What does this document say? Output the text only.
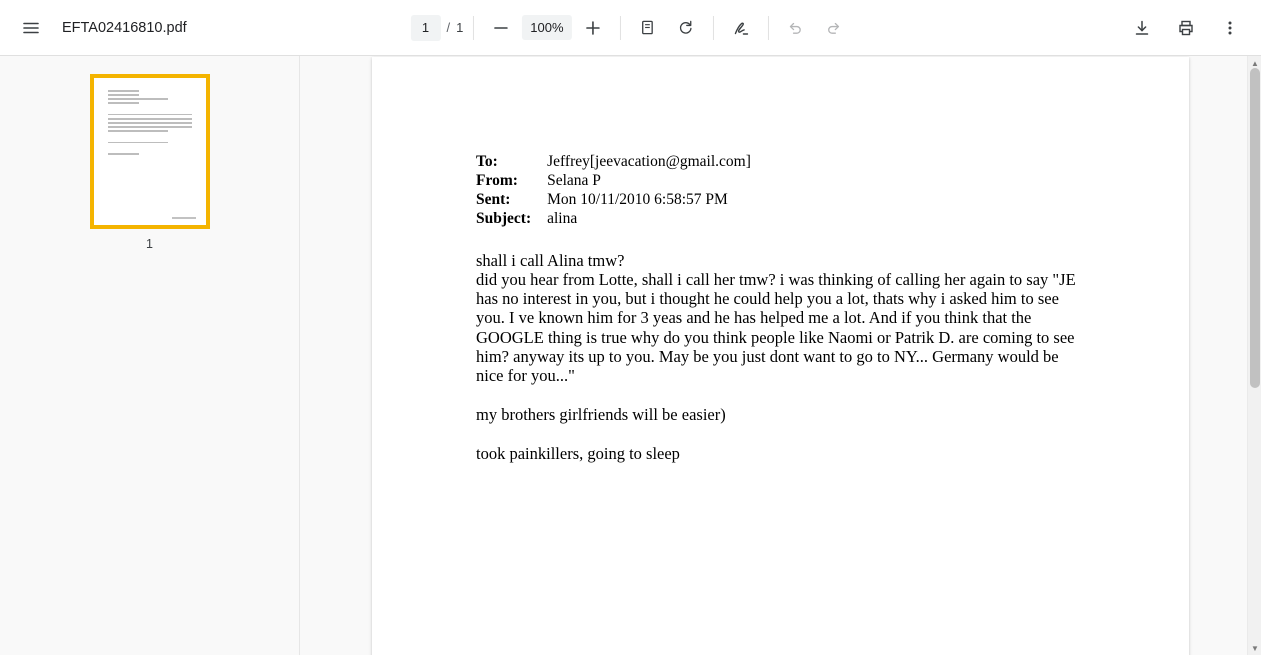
EFTA02416810.pdf
1	/ 1	100%
1
To:	Jeffrey[jeevacation@gmail.com]
From:	Selana P
Sent:	Mon 10/11/2010 6:58:57 PM
Subject:	alina

shall i call Alina tmw?

did you hear from Lotte, shall i call her tmw? i was thinking of calling her again to say "JE has no interest in you, but i thought he could help you a lot, thats why i asked him to see you. I ve known him for 3 yeas and he has helped me a lot. And if you think that the GOOGLE thing is true why do you think people like Naomi or Patrik D. are coming to see him? anyway its up to you. May be you just dont want to go to NY... Germany would be nice for you..."

my brothers girlfriends will be easier)

took painkillers, going to sleep

▲
▼
